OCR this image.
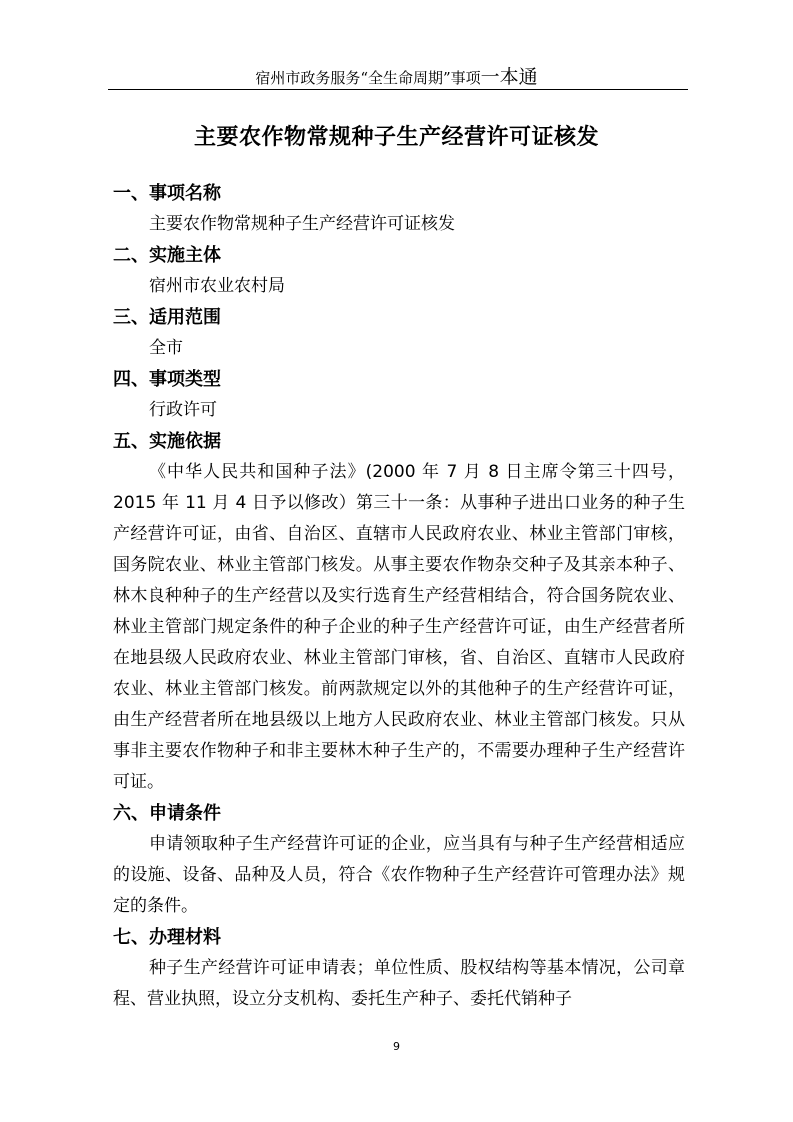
宿州市政务服务“全生命周期”事项一本通
主要农作物常规种子生产经营许可证核发
一、事项名称
主要农作物常规种子生产经营许可证核发
二、实施主体
宿州市农业农村局
三、适用范围
全市
四、事项类型
行政许可
五、实施依据
《中华人民共和国种子法》(2000 年 7 月 8 日主席令第三十四号，2015 年 11 月 4 日予以修改）第三十一条：从事种子进出口业务的种子生产经营许可证，由省、自治区、直辖市人民政府农业、林业主管部门审核，国务院农业、林业主管部门核发。从事主要农作物杂交种子及其亲本种子、林木良种种子的生产经营以及实行选育生产经营相结合，符合国务院农业、林业主管部门规定条件的种子企业的种子生产经营许可证，由生产经营者所在地县级人民政府农业、林业主管部门审核，省、自治区、直辖市人民政府农业、林业主管部门核发。前两款规定以外的其他种子的生产经营许可证，由生产经营者所在地县级以上地方人民政府农业、林业主管部门核发。只从事非主要农作物种子和非主要林木种子生产的，不需要办理种子生产经营许可证。
六、申请条件
申请领取种子生产经营许可证的企业，应当具有与种子生产经营相适应的设施、设备、品种及人员，符合《农作物种子生产经营许可管理办法》规定的条件。
七、办理材料
种子生产经营许可证申请表；单位性质、股权结构等基本情况，公司章程、营业执照，设立分支机构、委托生产种子、委托代销种子
9
